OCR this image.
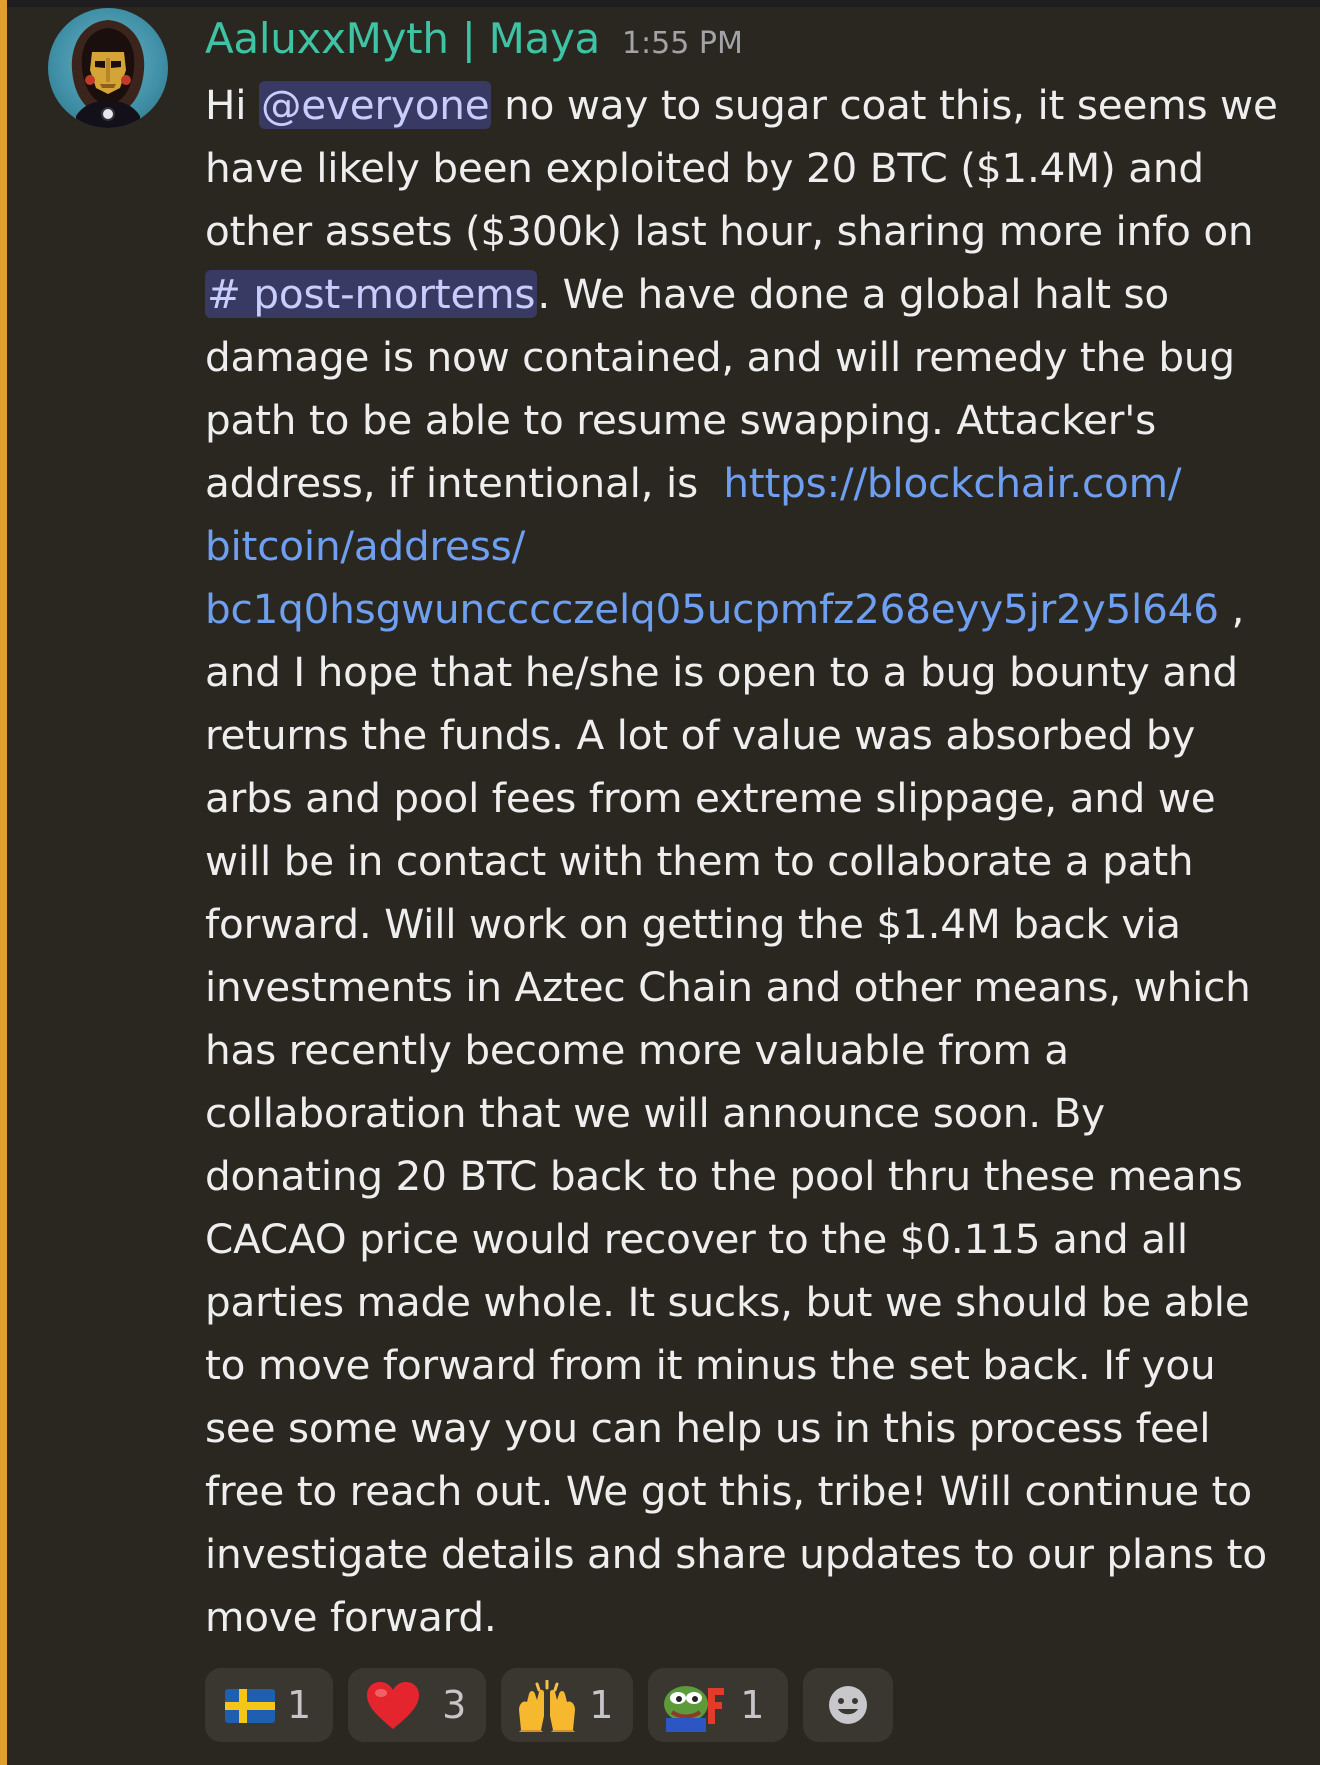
AaluxxMyth | Maya 1:55 PM
Hi @everyone no way to sugar coat this, it seems we
have likely been exploited by 20 BTC ($1.4M) and
other assets ($300k) last hour, sharing more info on
# post-mortems. We have done a global halt so
damage is now contained, and will remedy the bug
path to be able to resume swapping. Attacker's
address, if intentional, is  https://blockchair.com/
bitcoin/address/
bc1q0hsgwuncccczelq05ucpmfz268eyy5jr2y5l646 ,
and I hope that he/she is open to a bug bounty and
returns the funds. A lot of value was absorbed by
arbs and pool fees from extreme slippage, and we
will be in contact with them to collaborate a path
forward. Will work on getting the $1.4M back via
investments in Aztec Chain and other means, which
has recently become more valuable from a
collaboration that we will announce soon. By
donating 20 BTC back to the pool thru these means
CACAO price would recover to the $0.115 and all
parties made whole. It sucks, but we should be able
to move forward from it minus the set back. If you
see some way you can help us in this process feel
free to reach out. We got this, tribe! Will continue to
investigate details and share updates to our plans to
move forward.
1
	3
	1
	1
